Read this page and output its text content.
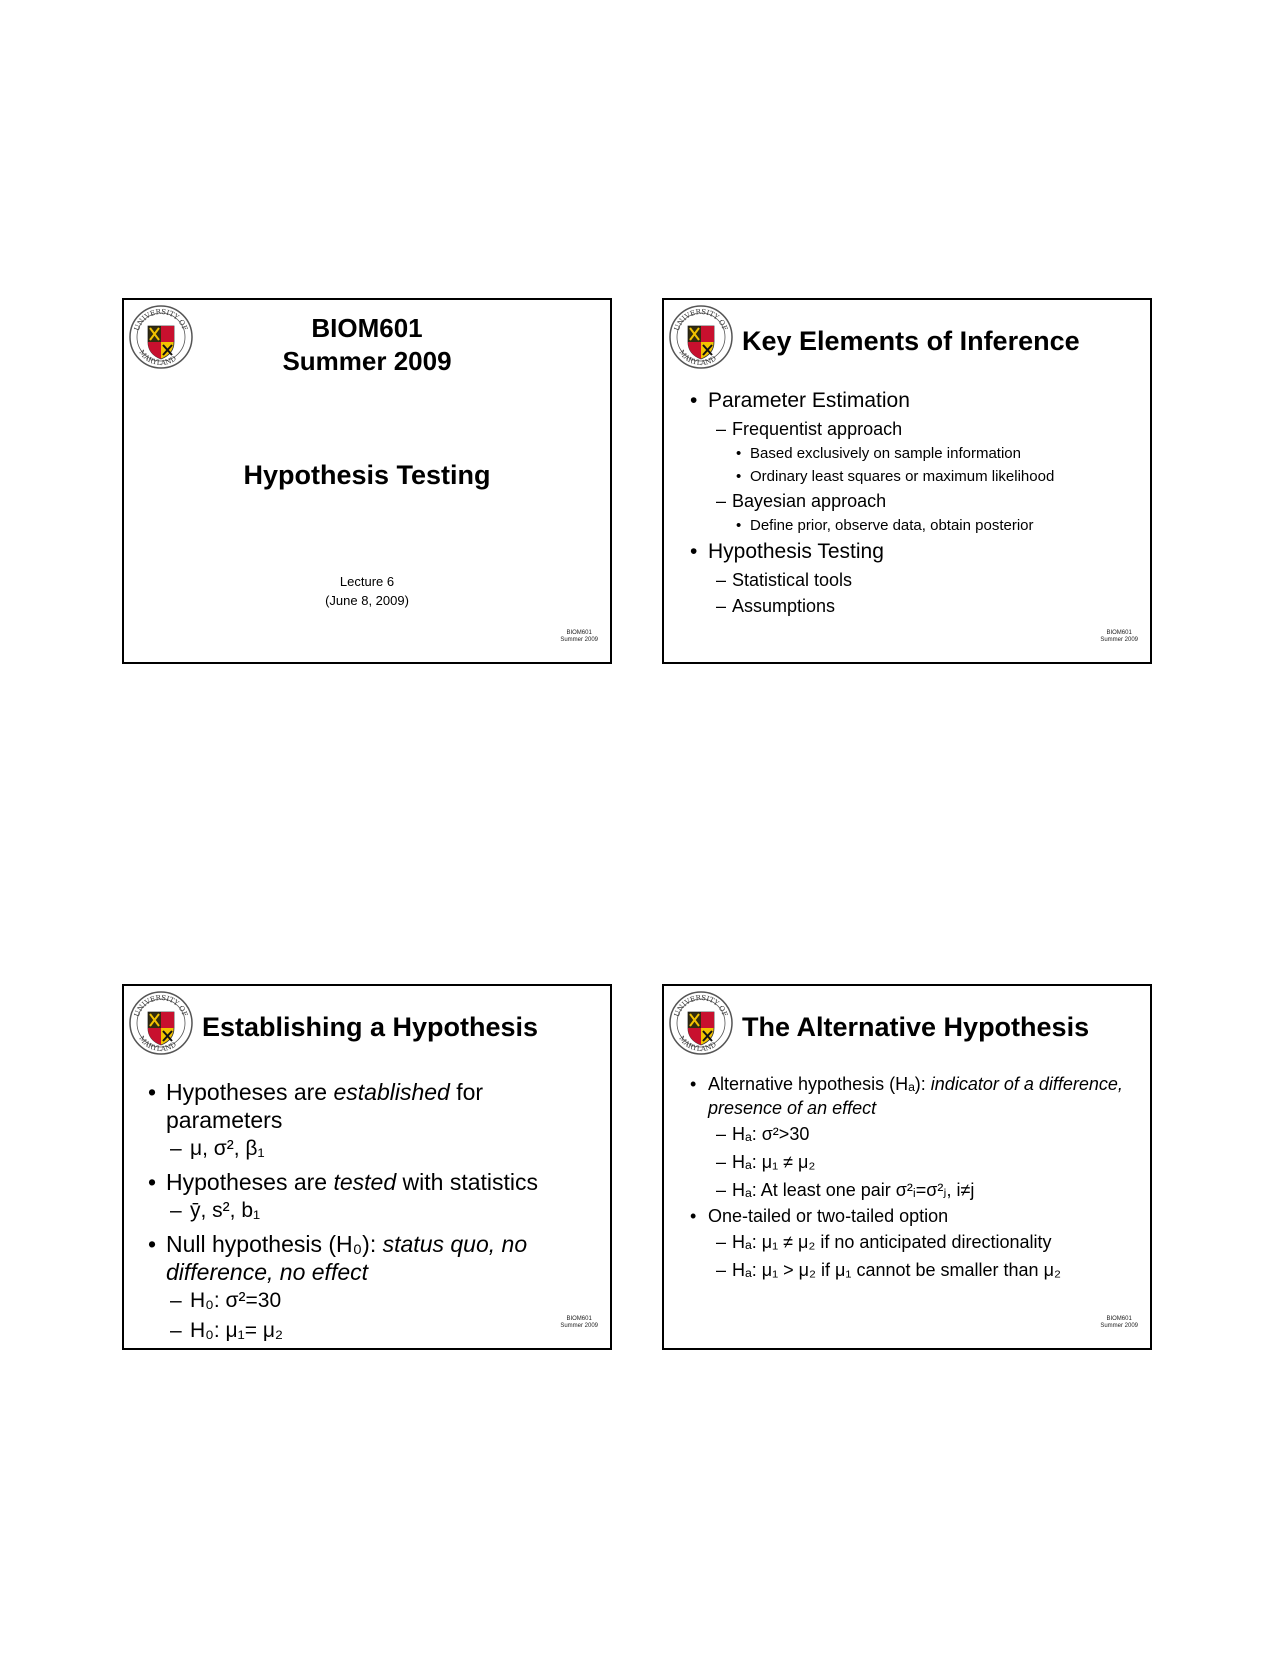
BIOM601
Summer 2009
Hypothesis Testing
Lecture 6
(June 8, 2009)
BIOM601
Summer 2009
Key Elements of Inference
• Parameter Estimation
– Frequentist approach
• Based exclusively on sample information
• Ordinary least squares or maximum likelihood
– Bayesian approach
• Define prior, observe data, obtain posterior
• Hypothesis Testing
– Statistical tools
– Assumptions
BIOM601
Summer 2009
Establishing a Hypothesis
• Hypotheses are established for parameters
– μ, σ², β₁
• Hypotheses are tested with statistics
– ȳ, s², b₁
• Null hypothesis (H₀): status quo, no difference, no effect
– H₀: σ²=30
– H₀: μ₁= μ₂	BIOM601
Summer 2009
The Alternative Hypothesis
• Alternative hypothesis (Hₐ): indicator of a difference, presence of an effect
– Hₐ: σ²>30
– Hₐ: μ₁ ≠ μ₂
– Hₐ: At least one pair σ²ᵢ=σ²ⱼ, i≠j
• One-tailed or two-tailed option
– Hₐ: μ₁ ≠ μ₂ if no anticipated directionality
– Hₐ: μ₁ > μ₂ if μ₁ cannot be smaller than μ₂
BIOM601
Summer 2009
